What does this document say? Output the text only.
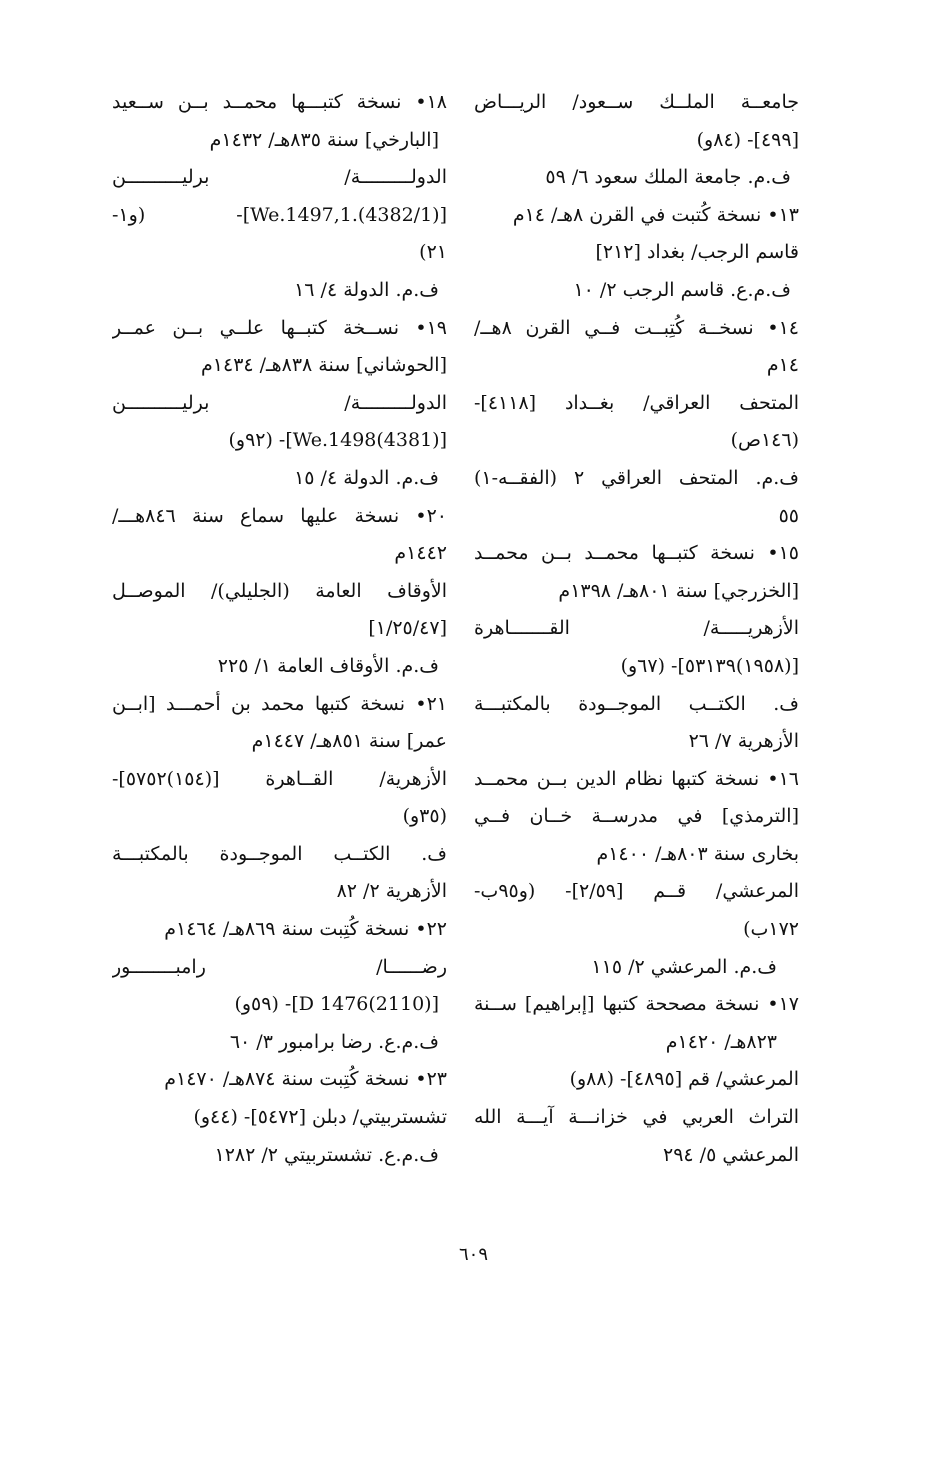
جامعــة الملــك ســعود/ الريـــاض
[٤٩٩]- (٨٤و)
ف.م. جامعة الملك سعود ٦/ ٥٩
١٣• نسخة كُتبت في القرن ٨هـ/ ١٤م
قاسم الرجب/ بغداد [٢١٢]
ف.م.ع. قاسم الرجب ٢/ ١٠
١٤• نسخــة كُتِبــت فــي القرن ٨هــ/
١٤م
المتحف العراقي/ بغــداد [٤١١٨]-
(١٤٦ص)
ف.م. المتحف العراقي ٢ (الفقــه-١)
٥٥
١٥• نسخة كتبــها محمــد بــن محمــد
[الخزرجي] سنة ٨٠١هـ/ ١٣٩٨م
الأزهريـــــة/ القـــــــاهرة
[(١٩٥٨)٥٣١٣٩]- (٦٧و)
ف. الكتــب الموجــودة بالمكتبـــة
الأزهرية ٧/ ٢٦
١٦• نسخة كتبها نظام الدين بــن محمــد
[الترمذي] في مدرســة خــان فــي
بخارى سنة ٨٠٣هـ/ ١٤٠٠م
المرعشي/ قــم [٢/٥٩]- (و٩٥ب-
١٧٢ب)
ف.م. المرعشي ٢/ ١١٥
١٧• نسخة مصححة كتبها [إبراهيم] ســنة
٨٢٣هـ/ ١٤٢٠م
المرعشي/ قم [٤٨٩٥]- (٨٨و)
التراث العربي في خزانـــة آيـــة الله
المرعشي ٥/ ٢٩٤
١٨• نسخة كتبـــها محمــد بــن ســعيد
[البارخي] سنة ٨٣٥هـ/ ١٤٣٢م
الدولـــــــــة/ برليــــــــــن
[We.1497,1.(4382/1)]- (و١-
٢١)
ف.م. الدولة ٤/ ١٦
١٩• نســخة كتبــها علــي بــن عمــر
[الحوشاني] سنة ٨٣٨هـ/ ١٤٣٤م
الدولـــــــــة/ برليــــــــــن
[We.1498(4381)]- (٩٢و)
ف.م. الدولة ٤/ ١٥
٢٠• نسخة عليها سماع سنة ٨٤٦هـــ/
١٤٤٢م
الأوقاف العامة (الجليلي)/ الموصــل
[١/٢٥/٤٧]
ف.م. الأوقاف العامة ١/ ٢٢٥
٢١• نسخة كتبها محمد بن أحمـــد [ابــن
عمر] سنة ٨٥١هـ/ ١٤٤٧م
الأزهرية/ القــاهرة [(١٥٤)٥٧٥٢]-
(٣٥و)
ف. الكتــب الموجــودة بالمكتبـــة
الأزهرية ٢/ ٨٢
٢٢• نسخة كُتِبت سنة ٨٦٩هـ/ ١٤٦٤م
رضــــــا/ رامبــــــــور
[D 1476(2110)]- (٥٩و)
ف.م.ع. رضا برامبور ٣/ ٦٠
٢٣• نسخة كُتِبت سنة ٨٧٤هـ/ ١٤٧٠م
تشستربيتي/ دبلن [٥٤٧٢]- (٤٤و)
ف.م.ع. تشستربيتي ٢/ ١٢٨٢
٦٠٩
